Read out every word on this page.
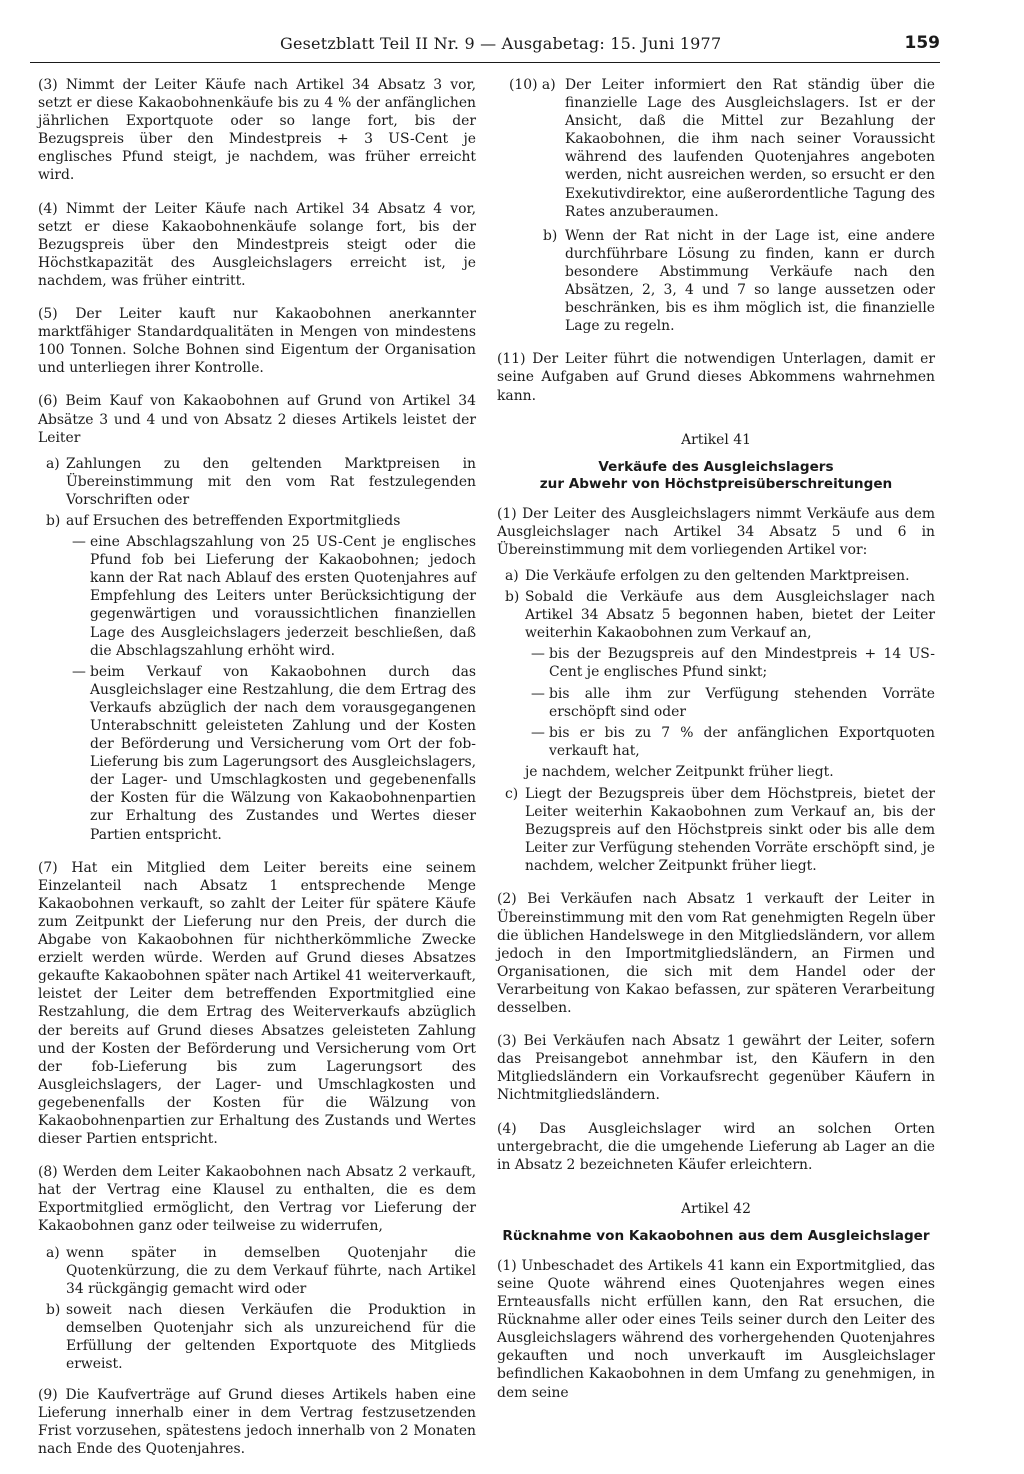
Gesetzblatt Teil II Nr. 9 — Ausgabetag: 15. Juni 1977	159

(3) Nimmt der Leiter Käufe nach Artikel 34 Absatz 3 vor, setzt er diese Kakaobohnenkäufe bis zu 4 % der anfänglichen jährlichen Exportquote oder so lange fort, bis der Bezugspreis über den Mindestpreis + 3 US-Cent je englisches Pfund steigt, je nachdem, was früher erreicht wird.

(4) Nimmt der Leiter Käufe nach Artikel 34 Absatz 4 vor, setzt er diese Kakaobohnenkäufe solange fort, bis der Bezugspreis über den Mindestpreis steigt oder die Höchstkapazität des Ausgleichslagers erreicht ist, je nachdem, was früher eintritt.

(5) Der Leiter kauft nur Kakaobohnen anerkannter marktfähiger Standardqualitäten in Mengen von mindestens 100 Tonnen. Solche Bohnen sind Eigentum der Organisation und unterliegen ihrer Kontrolle.

(6) Beim Kauf von Kakaobohnen auf Grund von Artikel 34 Absätze 3 und 4 und von Absatz 2 dieses Artikels leistet der Leiter

a) Zahlungen zu den geltenden Marktpreisen in Übereinstimmung mit den vom Rat festzulegenden Vorschriften oder
b) auf Ersuchen des betreffenden Exportmitglieds
— eine Abschlagszahlung von 25 US-Cent je englisches Pfund fob bei Lieferung der Kakaobohnen; jedoch kann der Rat nach Ablauf des ersten Quotenjahres auf Empfehlung des Leiters unter Berücksichtigung der gegenwärtigen und voraussichtlichen finanziellen Lage des Ausgleichslagers jederzeit beschließen, daß die Abschlagszahlung erhöht wird.
— beim Verkauf von Kakaobohnen durch das Ausgleichslager eine Restzahlung, die dem Ertrag des Verkaufs abzüglich der nach dem vorausgegangenen Unterabschnitt geleisteten Zahlung und der Kosten der Beförderung und Versicherung vom Ort der fob-Lieferung bis zum Lagerungsort des Ausgleichslagers, der Lager- und Umschlagkosten und gegebenenfalls der Kosten für die Wälzung von Kakaobohnenpartien zur Erhaltung des Zustandes und Wertes dieser Partien entspricht.

(7) Hat ein Mitglied dem Leiter bereits eine seinem Einzelanteil nach Absatz 1 entsprechende Menge Kakaobohnen verkauft, so zahlt der Leiter für spätere Käufe zum Zeitpunkt der Lieferung nur den Preis, der durch die Abgabe von Kakaobohnen für nichtherkömmliche Zwecke erzielt werden würde. Werden auf Grund dieses Absatzes gekaufte Kakaobohnen später nach Artikel 41 weiterverkauft, leistet der Leiter dem betreffenden Exportmitglied eine Restzahlung, die dem Ertrag des Weiterverkaufs abzüglich der bereits auf Grund dieses Absatzes geleisteten Zahlung und der Kosten der Beförderung und Versicherung vom Ort der fob-Lieferung bis zum Lagerungsort des Ausgleichslagers, der Lager- und Umschlagkosten und gegebenenfalls der Kosten für die Wälzung von Kakaobohnenpartien zur Erhaltung des Zustands und Wertes dieser Partien entspricht.

(8) Werden dem Leiter Kakaobohnen nach Absatz 2 verkauft, hat der Vertrag eine Klausel zu enthalten, die es dem Exportmitglied ermöglicht, den Vertrag vor Lieferung der Kakaobohnen ganz oder teilweise zu widerrufen,

a) wenn später in demselben Quotenjahr die Quotenkürzung, die zu dem Verkauf führte, nach Artikel 34 rückgängig gemacht wird oder
b) soweit nach diesen Verkäufen die Produktion in demselben Quotenjahr sich als unzureichend für die Erfüllung der geltenden Exportquote des Mitglieds erweist.

(9) Die Kaufverträge auf Grund dieses Artikels haben eine Lieferung innerhalb einer in dem Vertrag festzusetzenden Frist vorzusehen, spätestens jedoch innerhalb von 2 Monaten nach Ende des Quotenjahres.

(10) a) Der Leiter informiert den Rat ständig über die finanzielle Lage des Ausgleichslagers. Ist er der Ansicht, daß die Mittel zur Bezahlung der Kakaobohnen, die ihm nach seiner Voraussicht während des laufenden Quotenjahres angeboten werden, nicht ausreichen werden, so ersucht er den Exekutivdirektor, eine außerordentliche Tagung des Rates anzuberaumen.
b) Wenn der Rat nicht in der Lage ist, eine andere durchführbare Lösung zu finden, kann er durch besondere Abstimmung Verkäufe nach den Absätzen, 2, 3, 4 und 7 so lange aussetzen oder beschränken, bis es ihm möglich ist, die finanzielle Lage zu regeln.

(11) Der Leiter führt die notwendigen Unterlagen, damit er seine Aufgaben auf Grund dieses Abkommens wahrnehmen kann.

Artikel 41

Verkäufe des Ausgleichslagers
zur Abwehr von Höchstpreisüberschreitungen

(1) Der Leiter des Ausgleichslagers nimmt Verkäufe aus dem Ausgleichslager nach Artikel 34 Absatz 5 und 6 in Übereinstimmung mit dem vorliegenden Artikel vor:

a) Die Verkäufe erfolgen zu den geltenden Marktpreisen.
b) Sobald die Verkäufe aus dem Ausgleichslager nach Artikel 34 Absatz 5 begonnen haben, bietet der Leiter weiterhin Kakaobohnen zum Verkauf an,
— bis der Bezugspreis auf den Mindestpreis + 14 US-Cent je englisches Pfund sinkt;
— bis alle ihm zur Verfügung stehenden Vorräte erschöpft sind oder
— bis er bis zu 7 % der anfänglichen Exportquoten verkauft hat,

je nachdem, welcher Zeitpunkt früher liegt.

c) Liegt der Bezugspreis über dem Höchstpreis, bietet der Leiter weiterhin Kakaobohnen zum Verkauf an, bis der Bezugspreis auf den Höchstpreis sinkt oder bis alle dem Leiter zur Verfügung stehenden Vorräte erschöpft sind, je nachdem, welcher Zeitpunkt früher liegt.

(2) Bei Verkäufen nach Absatz 1 verkauft der Leiter in Übereinstimmung mit den vom Rat genehmigten Regeln über die üblichen Handelswege in den Mitgliedsländern, vor allem jedoch in den Importmitgliedsländern, an Firmen und Organisationen, die sich mit dem Handel oder der Verarbeitung von Kakao befassen, zur späteren Verarbeitung desselben.

(3) Bei Verkäufen nach Absatz 1 gewährt der Leiter, sofern das Preisangebot annehmbar ist, den Käufern in den Mitgliedsländern ein Vorkaufsrecht gegenüber Käufern in Nichtmitgliedsländern.

(4) Das Ausgleichslager wird an solchen Orten untergebracht, die die umgehende Lieferung ab Lager an die in Absatz 2 bezeichneten Käufer erleichtern.

Artikel 42

Rücknahme von Kakaobohnen aus dem Ausgleichslager

(1) Unbeschadet des Artikels 41 kann ein Exportmitglied, das seine Quote während eines Quotenjahres wegen eines Ernteausfalls nicht erfüllen kann, den Rat ersuchen, die Rücknahme aller oder eines Teils seiner durch den Leiter des Ausgleichslagers während des vorhergehenden Quotenjahres gekauften und noch unverkauft im Ausgleichslager befindlichen Kakaobohnen in dem Umfang zu genehmigen, in dem seine
